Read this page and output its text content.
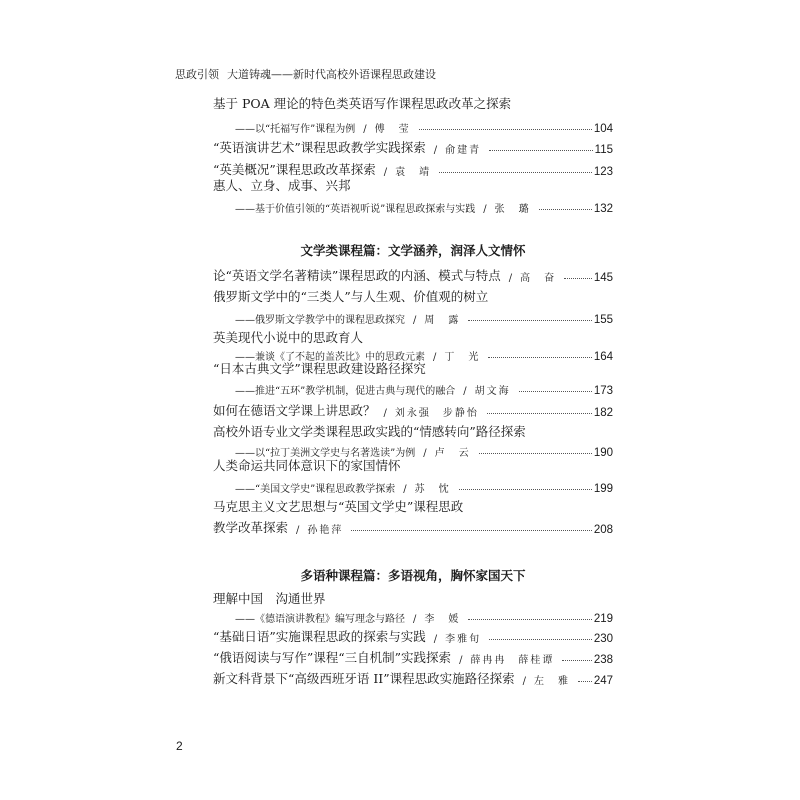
思政引领 大道铸魂——新时代高校外语课程思政建设
基于 POA 理论的特色类英语写作课程思政改革之探索
——以“托福写作”课程为例 / 傅　莹	104
“英语演讲艺术”课程思政教学实践探索 / 俞建青	115
“英美概况”课程思政改革探索 / 袁　靖	123
惠人、立身、成事、兴邦
——基于价值引领的“英语视听说”课程思政探索与实践 / 张　璐	132
文学类课程篇：文学涵养，润泽人文情怀
论“英语文学名著精读”课程思政的内涵、模式与特点 / 高　奋	145
俄罗斯文学中的“三类人”与人生观、价值观的树立
——俄罗斯文学教学中的课程思政探究 / 周　露	155
英美现代小说中的思政育人
——兼谈《了不起的盖茨比》中的思政元素 / 丁　光	164
“日本古典文学”课程思政建设路径探究
——推进“五环”教学机制，促进古典与现代的融合 / 胡文海	173
如何在德语文学课上讲思政？ / 刘永强　步静怡	182
高校外语专业文学类课程思政实践的“情感转向”路径探索
——以“拉丁美洲文学史与名著选读”为例 / 卢　云	190
人类命运共同体意识下的家国情怀
——“美国文学史”课程思政教学探索 / 苏　忱	199
马克思主义文艺思想与“英国文学史”课程思政
教学改革探索 / 孙艳萍	208
多语种课程篇：多语视角，胸怀家国天下
理解中国　沟通世界
——《德语演讲教程》编写理念与路径 / 李　媛	219
“基础日语”实施课程思政的探索与实践 / 李雅旬	230
“俄语阅读与写作”课程“三自机制”实践探索 / 薛冉冉　薛桂谭	238
新文科背景下“高级西班牙语 II”课程思政实施路径探索 / 左　雅 247
2
